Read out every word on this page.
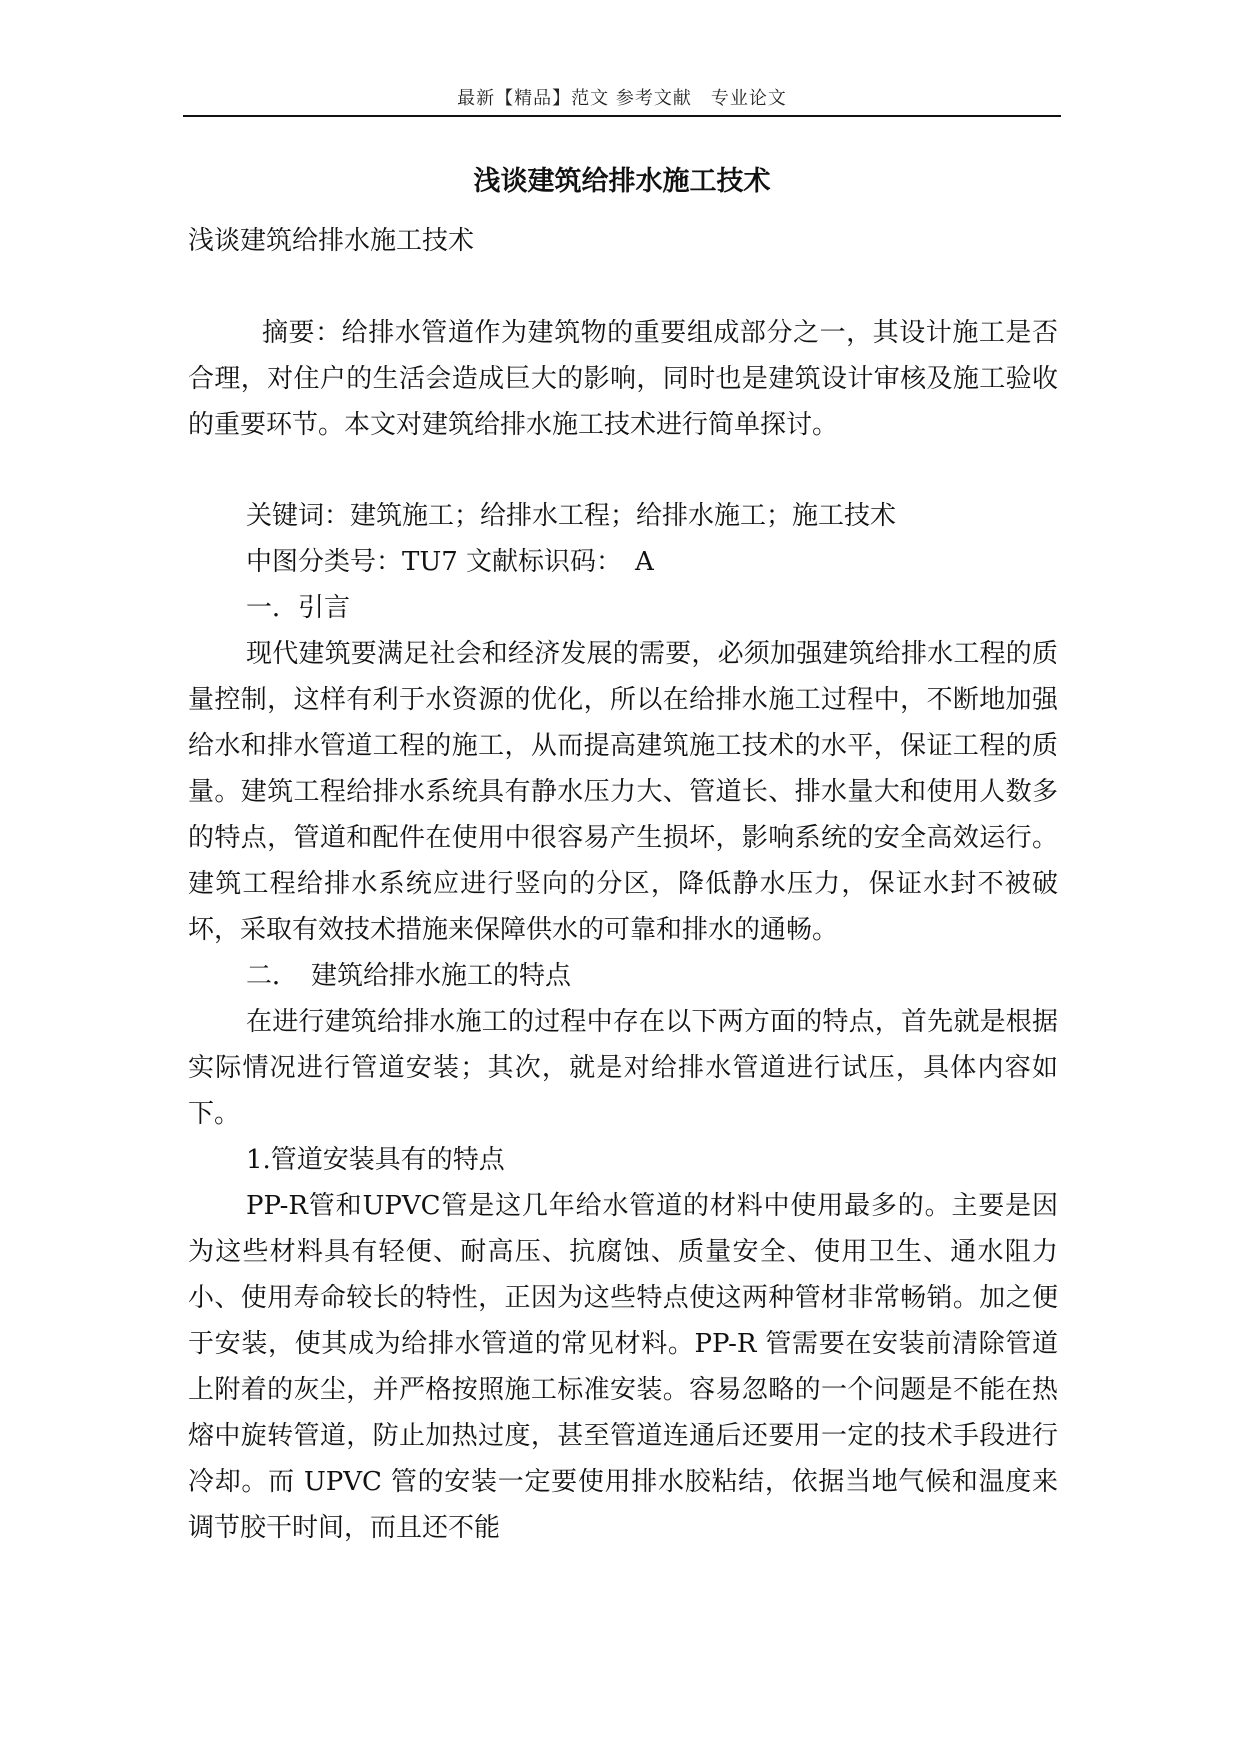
最新【精品】范文 参考文献　专业论文
浅谈建筑给排水施工技术

浅谈建筑给排水施工技术

摘要：给排水管道作为建筑物的重要组成部分之一，其设计施工是否合理，对住户的生活会造成巨大的影响，同时也是建筑设计审核及施工验收的重要环节。本文对建筑给排水施工技术进行简单探讨。

关键词：建筑施工；给排水工程；给排水施工；施工技术

中图分类号：TU7 文献标识码：　A

一．引言

现代建筑要满足社会和经济发展的需要，必须加强建筑给排水工程的质量控制，这样有利于水资源的优化，所以在给排水施工过程中，不断地加强给水和排水管道工程的施工，从而提高建筑施工技术的水平，保证工程的质量。建筑工程给排水系统具有静水压力大、管道长、排水量大和使用人数多的特点，管道和配件在使用中很容易产生损坏，影响系统的安全高效运行。建筑工程给排水系统应进行竖向的分区，降低静水压力，保证水封不被破坏，采取有效技术措施来保障供水的可靠和排水的通畅。

二．　建筑给排水施工的特点

在进行建筑给排水施工的过程中存在以下两方面的特点，首先就是根据实际情况进行管道安装；其次，就是对给排水管道进行试压，具体内容如下。

1.管道安装具有的特点

PP-R管和UPVC管是这几年给水管道的材料中使用最多的。主要是因为这些材料具有轻便、耐高压、抗腐蚀、质量安全、使用卫生、通水阻力小、使用寿命较长的特性，正因为这些特点使这两种管材非常畅销。加之便于安装，使其成为给排水管道的常见材料。PP-R 管需要在安装前清除管道上附着的灰尘，并严格按照施工标准安装。容易忽略的一个问题是不能在热熔中旋转管道，防止加热过度，甚至管道连通后还要用一定的技术手段进行冷却。而 UPVC 管的安装一定要使用排水胶粘结，依据当地气候和温度来调节胶干时间，而且还不能
